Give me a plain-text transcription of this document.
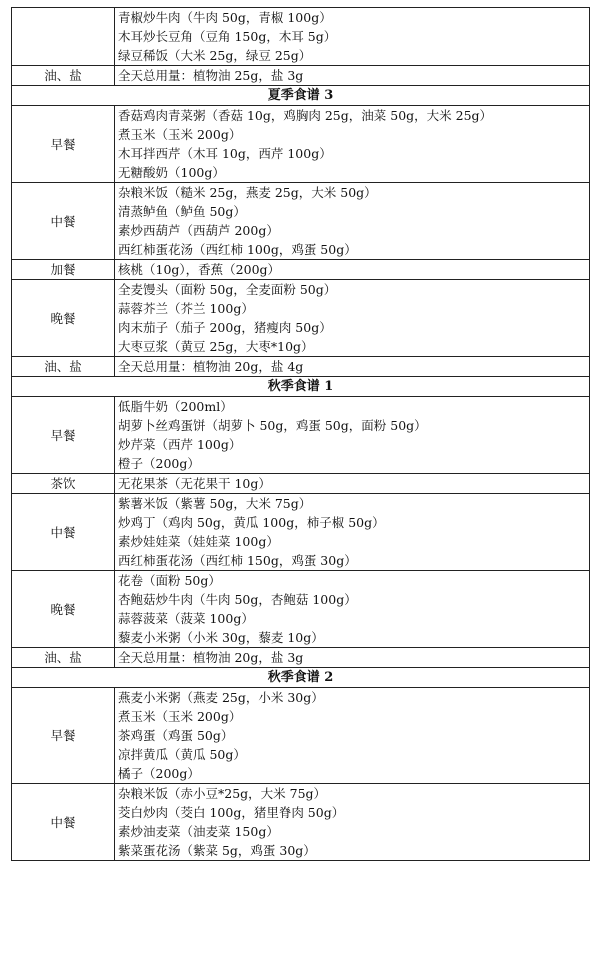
	青椒炒牛肉（牛肉 50g，青椒 100g）
木耳炒长豆角（豆角 150g，木耳 5g）
绿豆稀饭（大米 25g，绿豆 25g）

油、盐	全天总用量：植物油 25g，盐 3g

夏季食谱 3	
早餐	香菇鸡肉青菜粥（香菇 10g，鸡胸肉 25g，油菜 50g，大米 25g）
煮玉米（玉米 200g）
木耳拌西芹（木耳 10g，西芹 100g）
无糖酸奶（100g）

中餐	杂粮米饭（糙米 25g，燕麦 25g，大米 50g）
清蒸鲈鱼（鲈鱼 50g）
素炒西葫芦（西葫芦 200g）
西红柿蛋花汤（西红柿 100g，鸡蛋 50g）

加餐	核桃（10g），香蕉（200g）

晚餐	全麦馒头（面粉 50g，全麦面粉 50g）
蒜蓉芥兰（芥兰 100g）
肉末茄子（茄子 200g，猪瘦肉 50g）
大枣豆浆（黄豆 25g，大枣*10g）

油、盐	全天总用量：植物油 20g，盐 4g

秋季食谱 1	
早餐	低脂牛奶（200ml）
胡萝卜丝鸡蛋饼（胡萝卜 50g，鸡蛋 50g，面粉 50g）
炒芹菜（西芹 100g）
橙子（200g）

茶饮	无花果茶（无花果干 10g）

中餐	紫薯米饭（紫薯 50g，大米 75g）
炒鸡丁（鸡肉 50g，黄瓜 100g，柿子椒 50g）
素炒娃娃菜（娃娃菜 100g）
西红柿蛋花汤（西红柿 150g，鸡蛋 30g）

晚餐	花卷（面粉 50g）
杏鲍菇炒牛肉（牛肉 50g，杏鲍菇 100g）
蒜蓉菠菜（菠菜 100g）
藜麦小米粥（小米 30g，藜麦 10g）

油、盐	全天总用量：植物油 20g，盐 3g

秋季食谱 2	
早餐	燕麦小米粥（燕麦 25g，小米 30g）
煮玉米（玉米 200g）
茶鸡蛋（鸡蛋 50g）
凉拌黄瓜（黄瓜 50g）
橘子（200g）

中餐	杂粮米饭（赤小豆*25g，大米 75g）
茭白炒肉（茭白 100g，猪里脊肉 50g）
素炒油麦菜（油麦菜 150g）
紫菜蛋花汤（紫菜 5g，鸡蛋 30g）
